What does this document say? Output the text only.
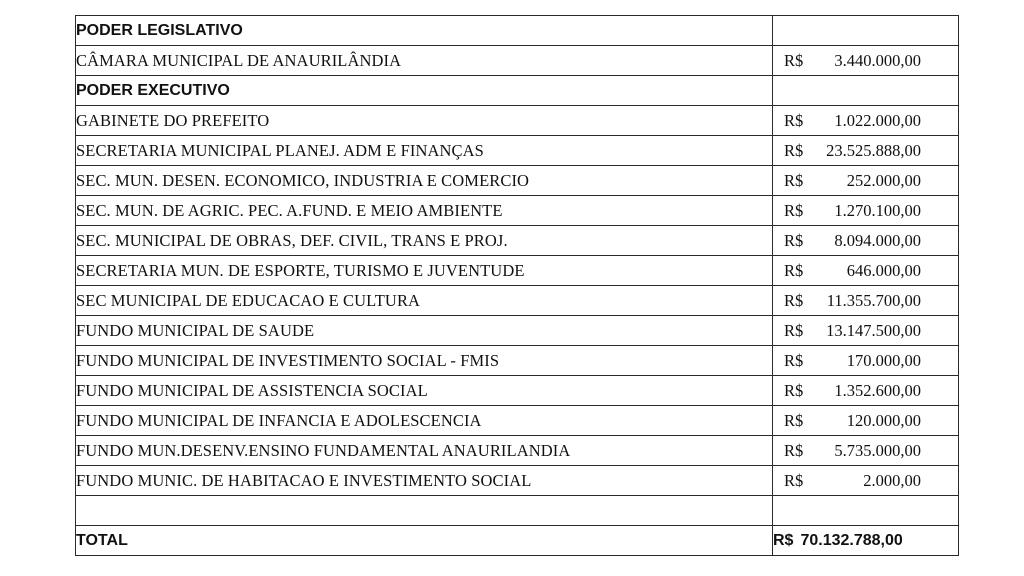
PODER LEGISLATIVO	
CÂMARA MUNICIPAL DE ANAURILÂNDIA	R$ 3.440.000,00

PODER EXECUTIVO	
GABINETE DO PREFEITO	R$ 1.022.000,00

SECRETARIA MUNICIPAL PLANEJ. ADM E FINANÇAS	R$ 23.525.888,00

SEC. MUN. DESEN. ECONOMICO, INDUSTRIA E COMERCIO	R$ 252.000,00

SEC. MUN. DE AGRIC. PEC. A.FUND. E MEIO AMBIENTE	R$ 1.270.100,00

SEC. MUNICIPAL DE OBRAS, DEF. CIVIL, TRANS E PROJ.	R$ 8.094.000,00

SECRETARIA MUN. DE ESPORTE, TURISMO E JUVENTUDE	R$ 646.000,00

SEC MUNICIPAL DE EDUCACAO E CULTURA	R$ 11.355.700,00

FUNDO MUNICIPAL DE SAUDE	R$ 13.147.500,00

FUNDO MUNICIPAL DE INVESTIMENTO SOCIAL - FMIS	R$ 170.000,00

FUNDO MUNICIPAL DE ASSISTENCIA SOCIAL	R$ 1.352.600,00

FUNDO MUNICIPAL DE INFANCIA E ADOLESCENCIA	R$ 120.000,00

FUNDO MUN.DESENV.ENSINO FUNDAMENTAL ANAURILANDIA	R$ 5.735.000,00

FUNDO MUNIC. DE HABITACAO E INVESTIMENTO SOCIAL	R$ 2.000,00

TOTAL	R$ 70.132.788,00
